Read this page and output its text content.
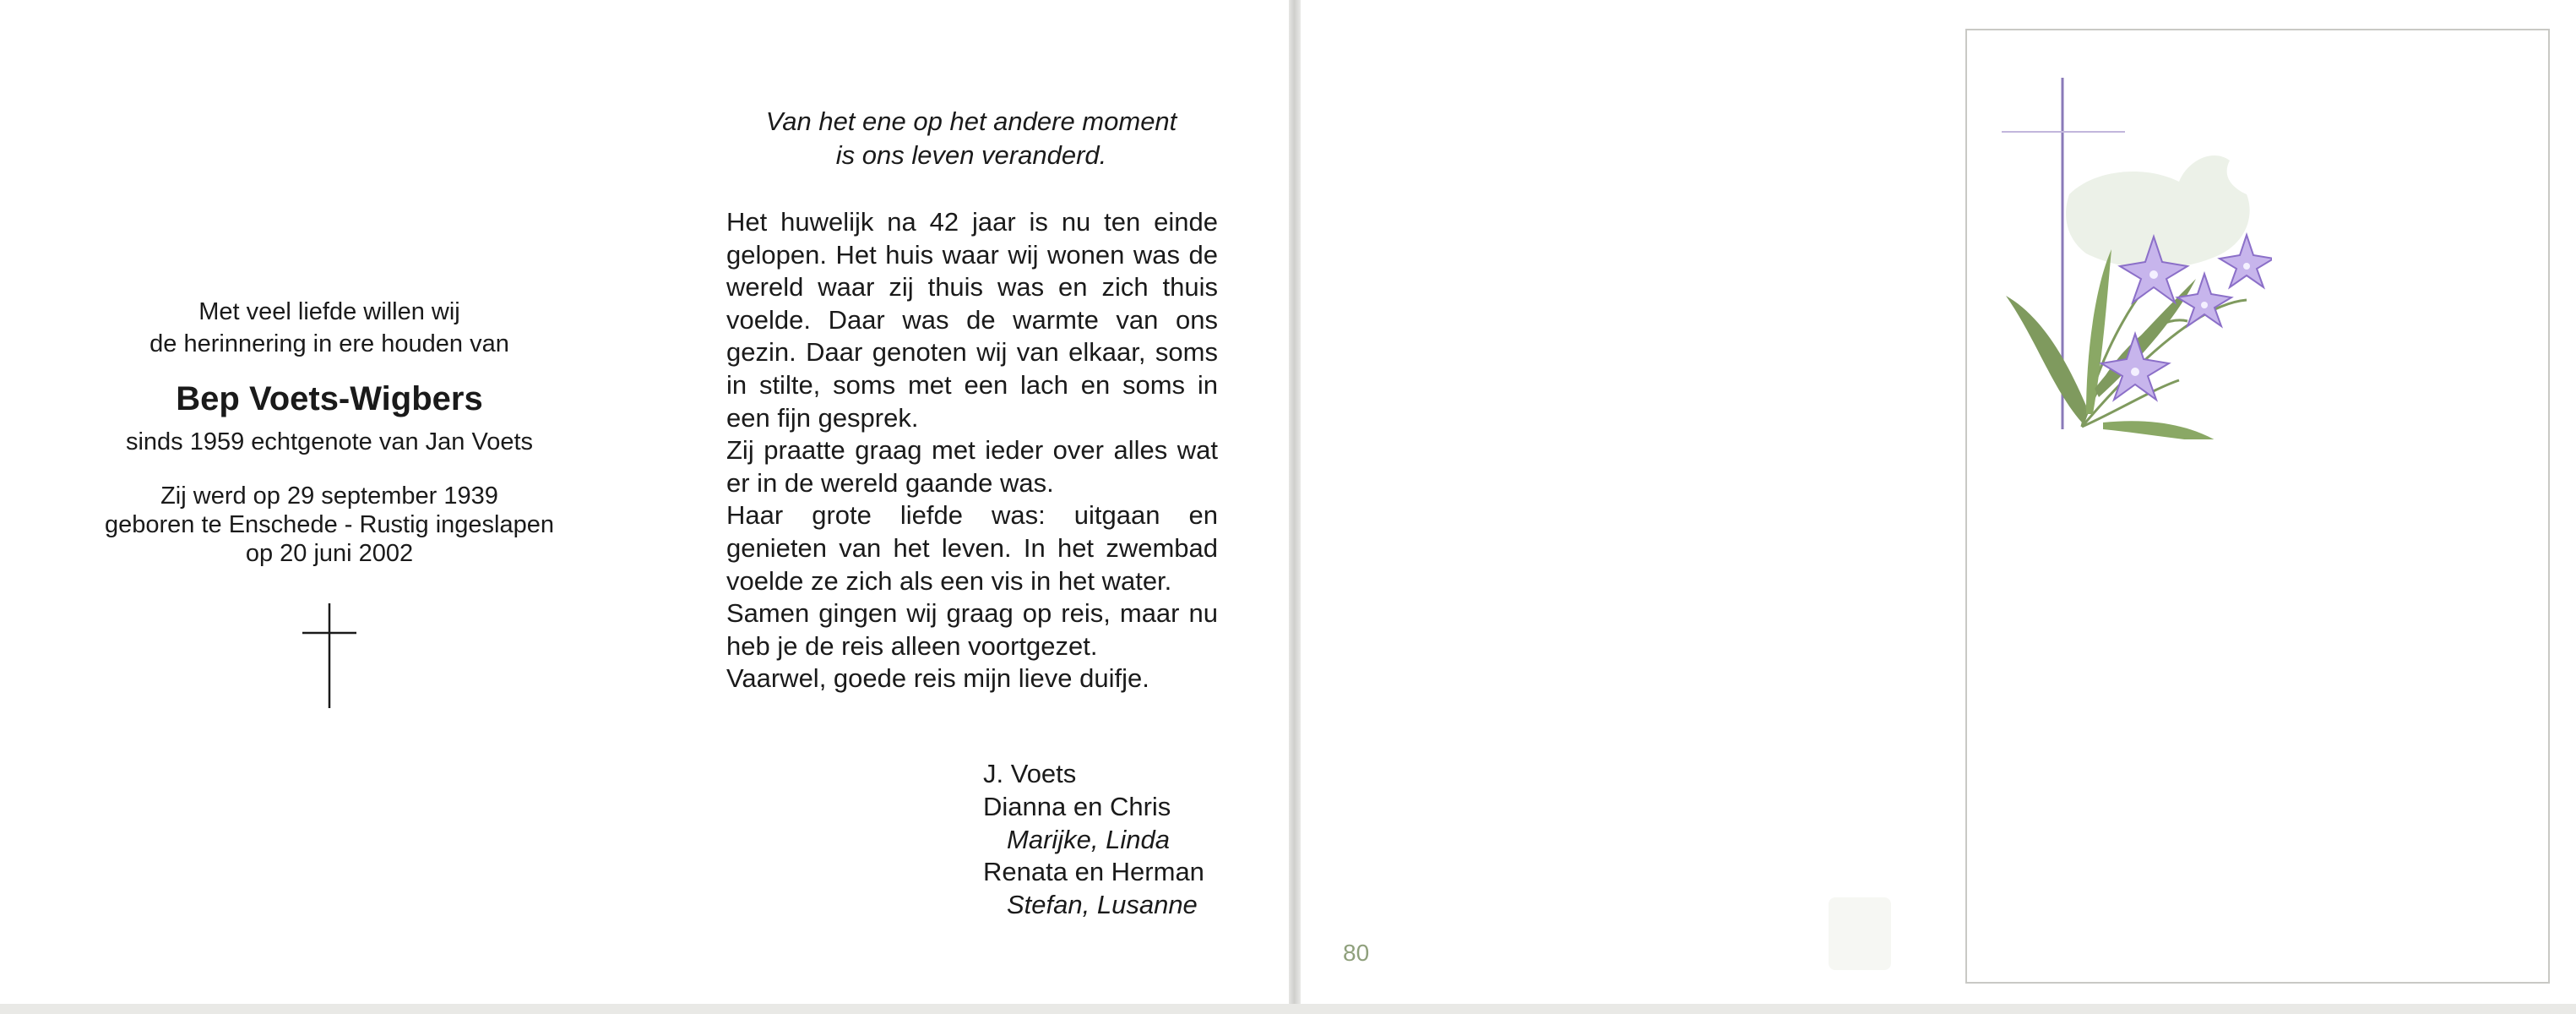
Met veel liefde willen wij
de herinnering in ere houden van
Bep Voets-Wigbers
sinds 1959 echtgenote van Jan Voets
Zij werd op 29 september 1939
geboren te Enschede - Rustig ingeslapen
op 20 juni 2002
Van het ene op het andere moment
is ons leven veranderd.
Het huwelijk na 42 jaar is nu ten einde gelopen. Het huis waar wij wonen was de wereld waar zij thuis was en zich thuis voelde. Daar was de warmte van ons gezin. Daar genoten wij van elkaar, soms in stilte, soms met een lach en soms in een fijn gesprek.
Zij praatte graag met ieder over alles wat er in de wereld gaande was.
Haar grote liefde was: uitgaan en genieten van het leven. In het zwembad voelde ze zich als een vis in het water.
Samen gingen wij graag op reis, maar nu heb je de reis alleen voortgezet.
Vaarwel, goede reis mijn lieve duifje.
J. Voets
Dianna en Chris
Marijke, Linda
Renata en Herman
Stefan, Lusanne
80
